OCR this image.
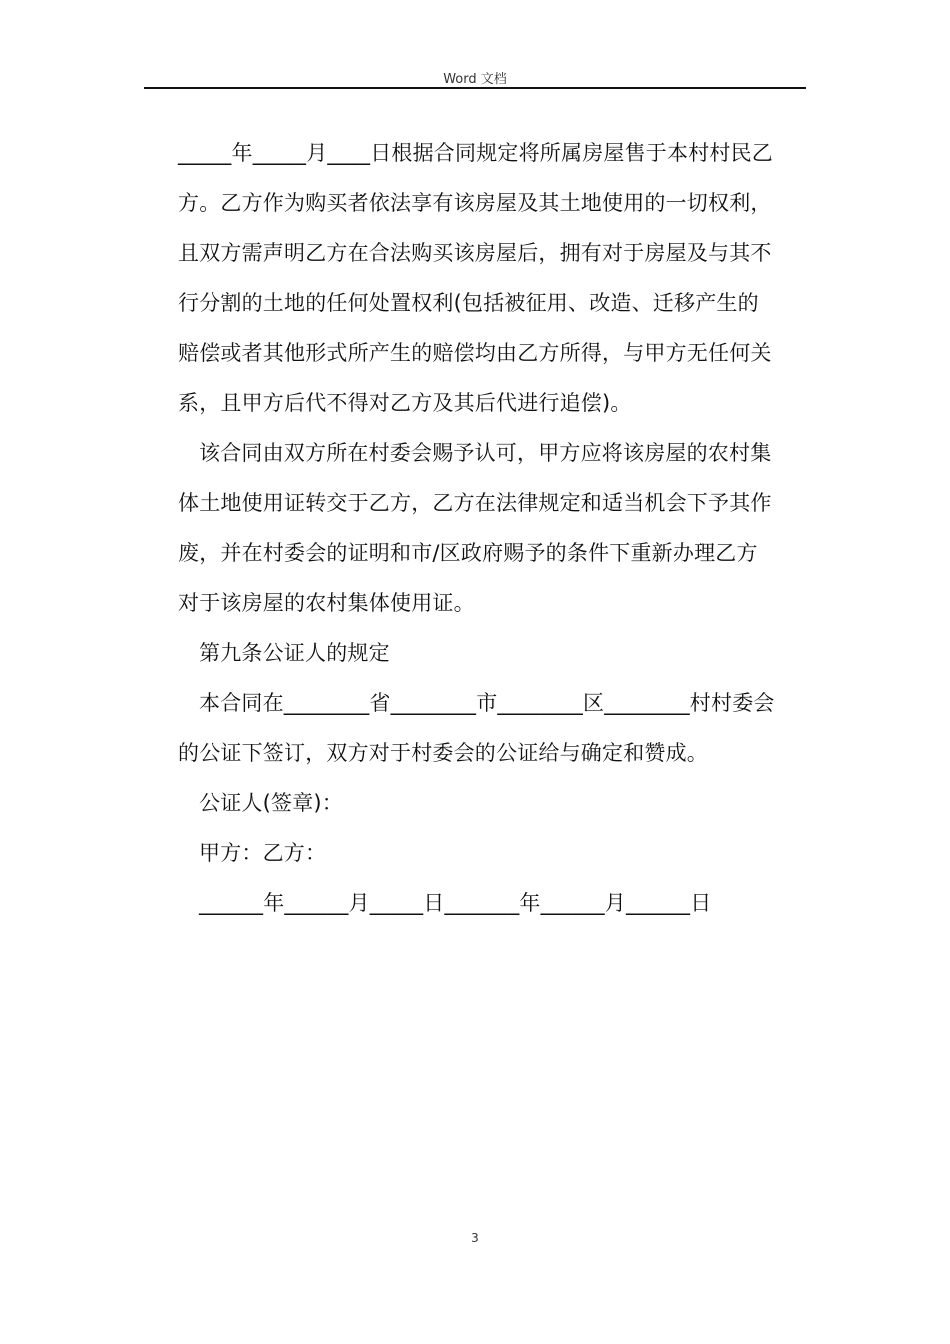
Word 文档
_____年_____月____日根据合同规定将所属房屋售于本村村民乙
方。乙方作为购买者依法享有该房屋及其土地使用的一切权利，
且双方需声明乙方在合法购买该房屋后，拥有对于房屋及与其不
行分割的土地的任何处置权利(包括被征用、改造、迁移产生的
赔偿或者其他形式所产生的赔偿均由乙方所得，与甲方无任何关
系，且甲方后代不得对乙方及其后代进行追偿)。
该合同由双方所在村委会赐予认可，甲方应将该房屋的农村集
体土地使用证转交于乙方，乙方在法律规定和适当机会下予其作
废，并在村委会的证明和市/区政府赐予的条件下重新办理乙方
对于该房屋的农村集体使用证。
第九条公证人的规定
本合同在________省________市________区________村村委会
的公证下签订，双方对于村委会的公证给与确定和赞成。
公证人(签章)：
甲方：乙方：
______年______月_____日_______年______月______日
3
